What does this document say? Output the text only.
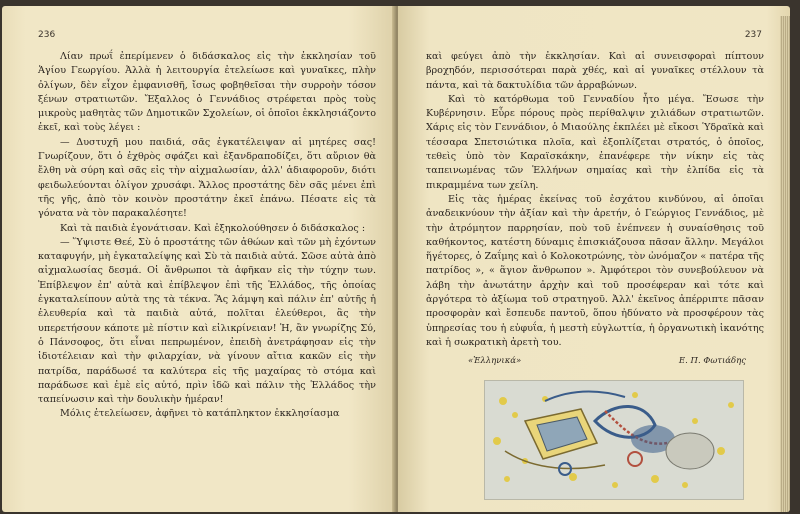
236

Λίαν πρωΐ ἐπερίμενεν ὁ διδάσκαλος εἰς τὴν ἐκκλησίαν τοῦ Ἁγίου Γεωργίου. Ἀλλὰ ἡ λειτουργία ἐτελείωσε καὶ γυναῖκες, πλὴν ὀλίγων, δὲν εἶχον ἐμφανισθῆ, ἴσως φοβηθεῖσαι τὴν συρροὴν τόσον ξένων στρατιωτῶν. Ἔξαλλος ὁ Γεννάδιος στρέφεται πρὸς τοὺς μικροὺς μαθητὰς τῶν Δημοτικῶν Σχολείων, οἱ ὁποῖοι ἐκκλησιάζοντο ἐκεῖ, καὶ τοὺς λέγει :

— Δυστυχῆ μου παιδιά, σᾶς ἐγκατέλειψαν αἱ μητέρες σας! Γνωρίζουν, ὅτι ὁ ἐχθρὸς σφάζει καὶ ἐξανδραποδίζει, ὅτι αὔριον θὰ ἔλθη νὰ σύρη καὶ σᾶς εἰς τὴν αἰχμαλωσίαν, ἀλλ' ἀδιαφοροῦν, διότι φειδωλεύονται ὀλίγον χρυσάφι. Ἄλλος προστάτης δὲν σᾶς μένει ἐπὶ τῆς γῆς, ἀπὸ τὸν κοινὸν προστάτην ἐκεῖ ἐπάνω. Πέσατε εἰς τὰ γόνατα νὰ τὸν παρακαλέσητε!

Καὶ τὰ παιδιὰ ἐγονάτισαν. Καὶ ἐξηκολούθησεν ὁ διδάσκαλος :

— Ὕψιστε Θεέ, Σὺ ὁ προστάτης τῶν ἀθώων καὶ τῶν μὴ ἐχόντων καταφυγήν, μὴ ἐγκαταλείψης καὶ Σὺ τὰ παιδιὰ αὐτά. Σῶσε αὐτὰ ἀπὸ αἰχμαλωσίας δεσμά. Οἱ ἄνθρωποι τὰ ἀφῆκαν εἰς τὴν τύχην των. Ἐπίβλεψον ἐπ' αὐτὰ καὶ ἐπίβλεψον ἐπὶ τῆς Ἑλλάδος, τῆς ὁποίας ἐγκαταλείπουν αὐτὰ της τὰ τέκνα. Ἂς λάμψη καὶ πάλιν ἐπ' αὐτῆς ἡ ἐλευθερία καὶ τὰ παιδιὰ αὐτά, πολῖται ἐλεύθεροι, ἂς τὴν υπερετήσουν κάποτε μὲ πίστιν καὶ εἰλικρίνειαν! Ἡ, ἂν γνωρίζης Σύ, ὁ Πάνσοφος, ὅτι εἶναι πεπρωμένον, ἐπειδὴ ἀνετράφησαν εἰς τὴν ἰδιοτέλειαν καὶ τὴν φιλαρχίαν, νὰ γίνουν αἴτια κακῶν εἰς τὴν πατρίδα, παράδωσέ τα καλύτερα εἰς τῆς μαχαίρας τὸ στόμα καὶ παράδωσε καὶ ἐμὲ εἰς αὐτό, πρὶν ἰδῶ καὶ πάλιν τὴς Ἑλλάδος τὴν ταπείνωσιν καὶ τὴν δουλικὴν ἡμέραν!

Μόλις ἐτελείωσεν, ἀφῆνει τὸ κατάπληκτον ἐκκλησίασμα

237

καὶ φεύγει ἀπὸ τὴν ἐκκλησίαν. Καὶ αἱ συνεισφοραὶ πίπτουν βροχηδόν, περισσότεραι παρὰ χθές, καὶ αἱ γυναῖκες στέλλουν τὰ πάντα, καὶ τὰ δακτυλίδια τῶν ἀρραβώνων.

Καὶ τὸ κατόρθωμα τοῦ Γενναδίου ἦτο μέγα. Ἔσωσε τὴν Κυβέρνησιν. Εὗρε πόρους πρὸς περίθαλψιν χιλιάδων στρατιωτῶν. Χάρις εἰς τὸν Γεννάδιον, ὁ Μιαούλης ἐκπλέει μὲ εἴκοσι Ὑδραϊκὰ καὶ τέσσαρα Σπετσιώτικα πλοῖα, καὶ ἐξοπλίζεται στρατός, ὁ ὁποῖος, τεθεὶς ὑπὸ τὸν Καραϊσκάκην, ἐπανέφερε τὴν νίκην εἰς τὰς ταπεινωμένας τῶν Ἑλλήνων σημαίας καὶ τὴν ἐλπίδα εἰς τὰ πικραμμένα των χείλη.

Εἰς τὰς ἡμέρας ἐκείνας τοῦ ἐσχάτου κινδύνου, αἱ ὁποῖαι ἀναδεικνύουν τὴν ἀξίαν καὶ τὴν ἀρετήν, ὁ Γεώργιος Γεννάδιος, μὲ τὴν ἀτρόμητον παρρησίαν, ποὺ τοῦ ἐνέπνεεν ἡ συναίσθησις τοῦ καθήκοντος, κατέστη δύναμις ἐπισκιάζουσα πᾶσαν ἄλλην. Μεγάλοι ἥγέτορες, ὁ Ζαΐμης καὶ ὁ Κολοκοτρώνης, τὸν ὠνόμαζον « πατέρα τῆς πατρίδος », « ἅγιον ἄνθρωπον ». Ἀμφότεροι τὸν συνεβούλευον νὰ λάβη τὴν ἀνωτάτην ἀρχὴν καὶ τοῦ προσέφεραν καὶ τότε καὶ ἀργότερα τὸ ἀξίωμα τοῦ στρατηγοῦ. Ἀλλ' ἐκεῖνος ἀπέρριπτε πᾶσαν προσφορὰν καὶ ἔσπευδε παντοῦ, ὅπου ἠδύνατο νὰ προσφέρουν τὰς ὑπηρεσίας του ἡ εὐφυΐα, ἡ μεστὴ εὐγλωττία, ἡ ὀργανωτικὴ ἱκανότης καὶ ἡ σωκρατικὴ ἀρετὴ του.

«Ἑλληνικά»	Ε. Π. Φωτιάδης
